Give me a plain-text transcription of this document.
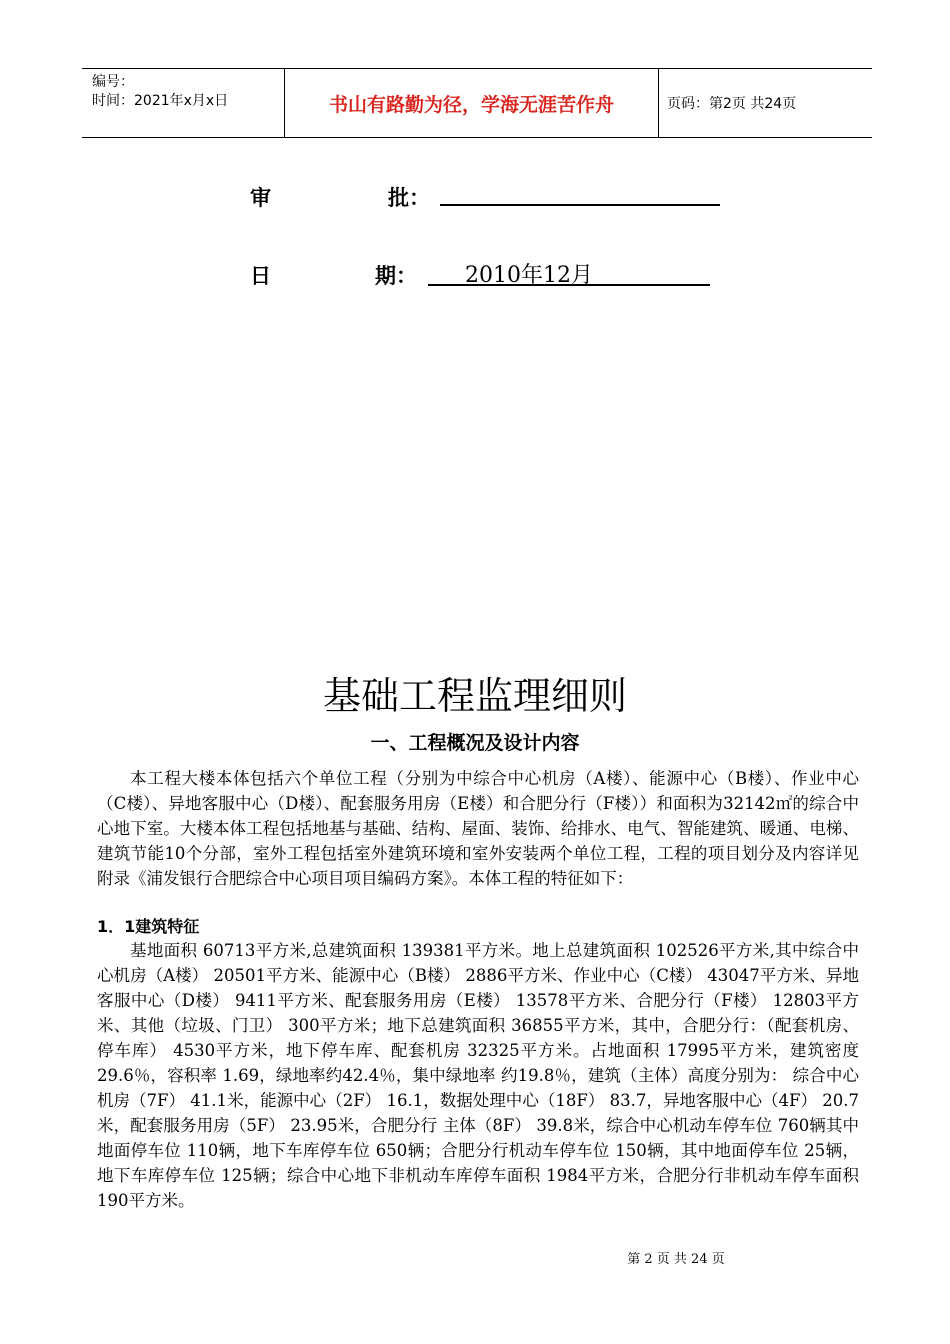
编号：
时间：2021年x月x日	书山有路勤为径，学海无涯苦作舟	页码：第2页 共24页
审	批：
日	期： 2010年12月
基础工程监理细则
一、工程概况及设计内容
本工程大楼本体包括六个单位工程（分别为中综合中心机房（A楼）、能源中心（B楼）、作业中心（C楼）、异地客服中心（D楼）、配套服务用房（E楼）和合肥分行（F楼））和面积为32142㎡的综合中心地下室。大楼本体工程包括地基与基础、结构、屋面、装饰、给排水、电气、智能建筑、暖通、电梯、建筑节能10个分部，室外工程包括室外建筑环境和室外安装两个单位工程，工程的项目划分及内容详见附录《浦发银行合肥综合中心项目项目编码方案》。本体工程的特征如下：
1．1建筑特征
基地面积 60713平方米,总建筑面积 139381平方米。地上总建筑面积 102526平方米,其中综合中心机房（A楼） 20501平方米、能源中心（B楼） 2886平方米、作业中心（C楼） 43047平方米、异地客服中心（D楼） 9411平方米、配套服务用房（E楼） 13578平方米、合肥分行（F楼） 12803平方米、其他（垃圾、门卫） 300平方米；地下总建筑面积 36855平方米，其中，合肥分行：（配套机房、停车库） 4530平方米，地下停车库、配套机房 32325平方米。占地面积 17995平方米，建筑密度 29.6％，容积率 1.69，绿地率约42.4％，集中绿地率 约19.8％，建筑（主体）高度分别为： 综合中心机房（7F） 41.1米，能源中心（2F） 16.1，数据处理中心（18F） 83.7，异地客服中心（4F） 20.7米，配套服务用房（5F） 23.95米，合肥分行 主体（8F） 39.8米，综合中心机动车停车位 760辆其中地面停车位 110辆，地下车库停车位 650辆；合肥分行机动车停车位 150辆，其中地面停车位 25辆，地下车库停车位 125辆；综合中心地下非机动车库停车面积 1984平方米，合肥分行非机动车停车面积 190平方米。
第 2 页 共 24 页
